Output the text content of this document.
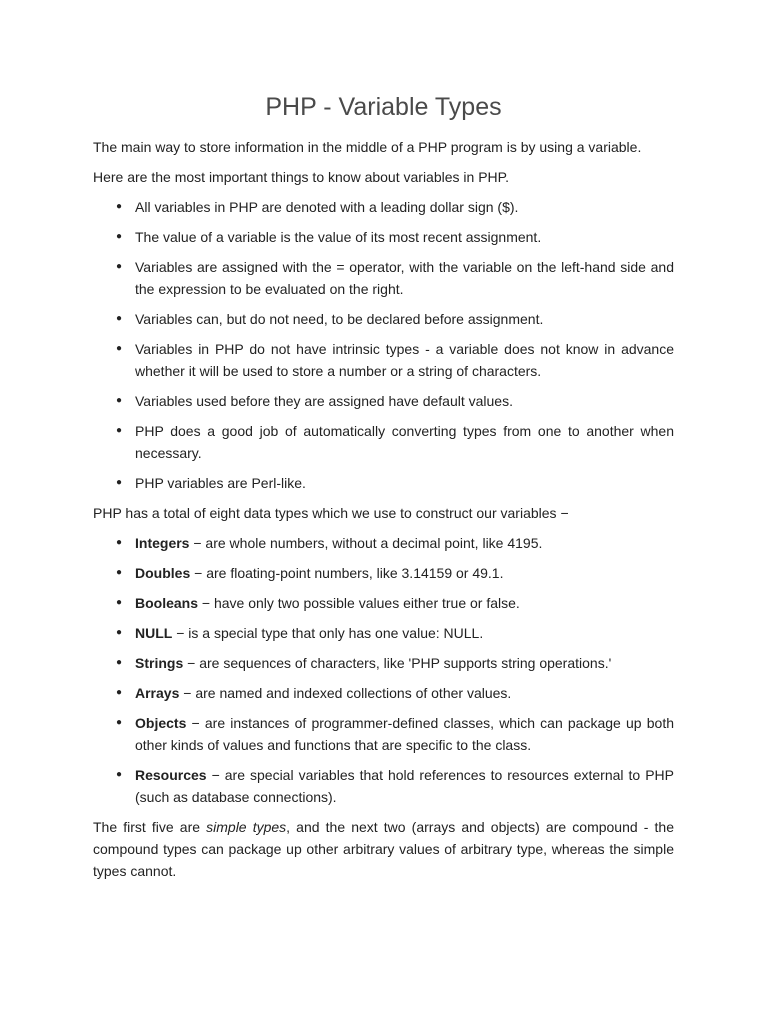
PHP - Variable Types

The main way to store information in the middle of a PHP program is by using a variable.

Here are the most important things to know about variables in PHP.

● All variables in PHP are denoted with a leading dollar sign ($).
● The value of a variable is the value of its most recent assignment.
● Variables are assigned with the = operator, with the variable on the left-hand side and the expression to be evaluated on the right.
● Variables can, but do not need, to be declared before assignment.
● Variables in PHP do not have intrinsic types - a variable does not know in advance whether it will be used to store a number or a string of characters.
● Variables used before they are assigned have default values.
● PHP does a good job of automatically converting types from one to another when necessary.
● PHP variables are Perl-like.

PHP has a total of eight data types which we use to construct our variables −

● Integers − are whole numbers, without a decimal point, like 4195.
● Doubles − are floating-point numbers, like 3.14159 or 49.1.
● Booleans − have only two possible values either true or false.
● NULL − is a special type that only has one value: NULL.
● Strings − are sequences of characters, like 'PHP supports string operations.'
● Arrays − are named and indexed collections of other values.
● Objects − are instances of programmer-defined classes, which can package up both other kinds of values and functions that are specific to the class.
● Resources − are special variables that hold references to resources external to PHP (such as database connections).

The first five are simple types, and the next two (arrays and objects) are compound - the compound types can package up other arbitrary values of arbitrary type, whereas the simple types cannot.
